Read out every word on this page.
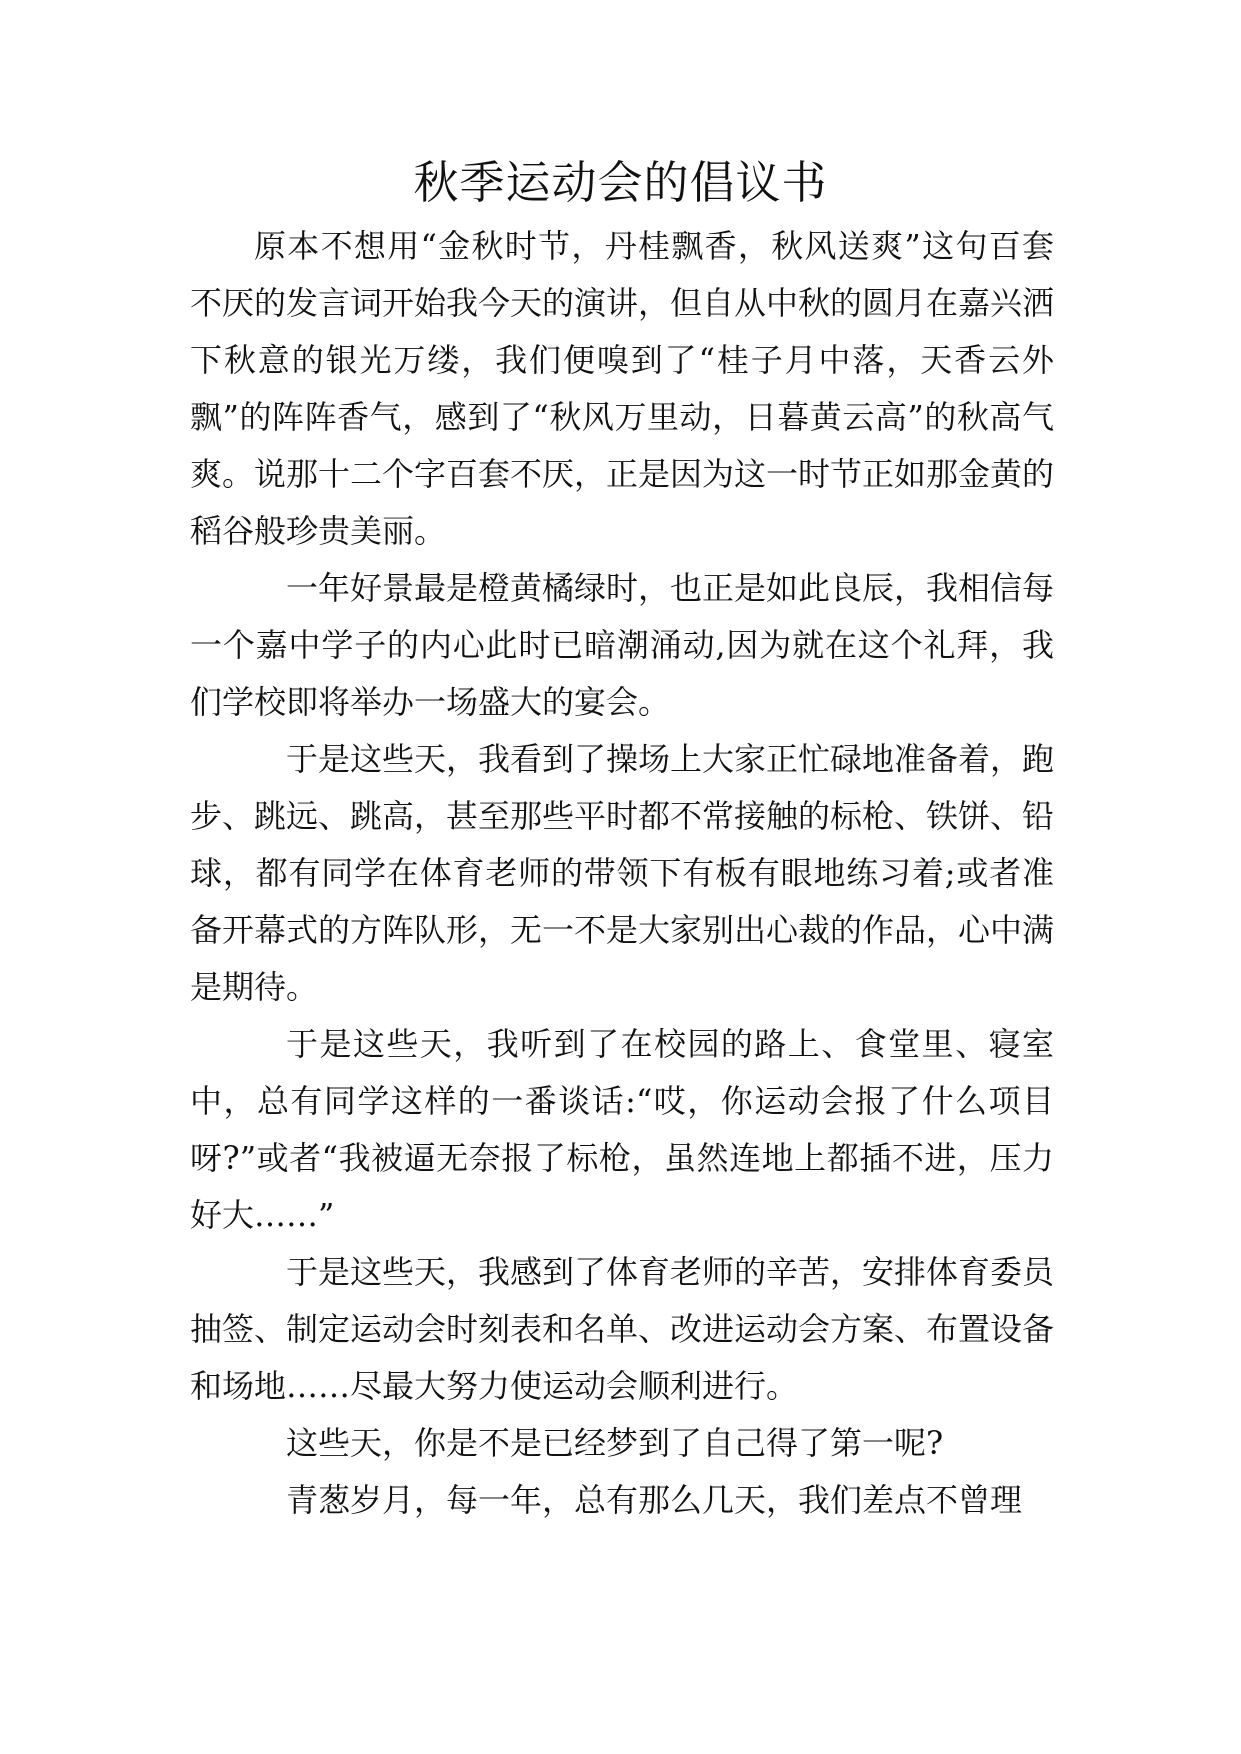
秋季运动会的倡议书

原本不想用“金秋时节，丹桂飘香，秋风送爽”这句百套不厌的发言词开始我今天的演讲，但自从中秋的圆月在嘉兴洒下秋意的银光万缕，我们便嗅到了“桂子月中落，天香云外飘”的阵阵香气，感到了“秋风万里动，日暮黄云高”的秋高气爽。说那十二个字百套不厌，正是因为这一时节正如那金黄的稻谷般珍贵美丽。

一年好景最是橙黄橘绿时，也正是如此良辰，我相信每一个嘉中学子的内心此时已暗潮涌动,因为就在这个礼拜，我们学校即将举办一场盛大的宴会。

于是这些天，我看到了操场上大家正忙碌地准备着，跑步、跳远、跳高，甚至那些平时都不常接触的标枪、铁饼、铅球，都有同学在体育老师的带领下有板有眼地练习着;或者准备开幕式的方阵队形，无一不是大家别出心裁的作品，心中满是期待。

于是这些天，我听到了在校园的路上、食堂里、寝室中，总有同学这样的一番谈话:“哎，你运动会报了什么项目呀?”或者“我被逼无奈报了标枪，虽然连地上都插不进，压力好大……”

于是这些天，我感到了体育老师的辛苦，安排体育委员抽签、制定运动会时刻表和名单、改进运动会方案、布置设备和场地……尽最大努力使运动会顺利进行。

这些天，你是不是已经梦到了自己得了第一呢?

青葱岁月，每一年，总有那么几天，我们差点不曾理
